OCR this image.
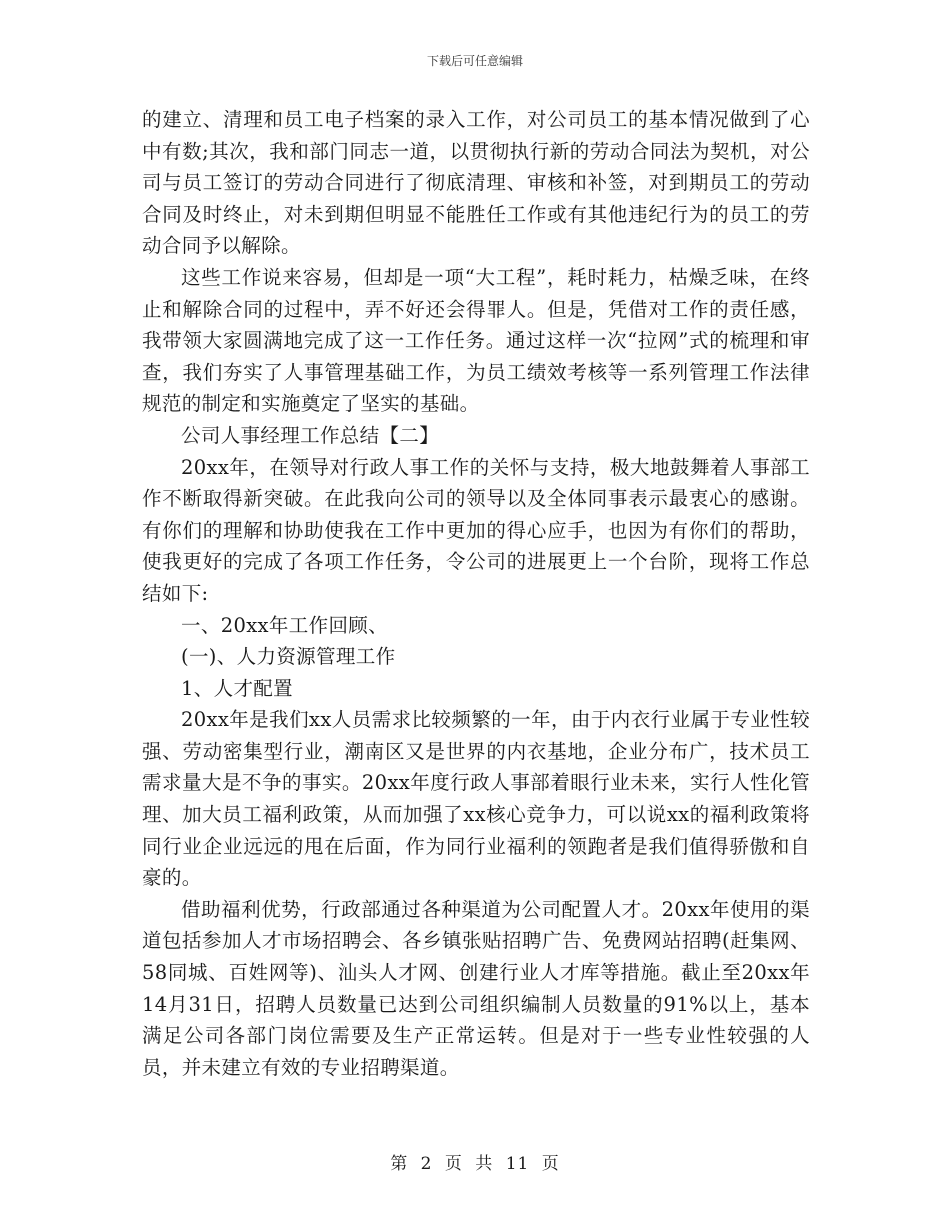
下载后可任意编辑

的建立、清理和员工电子档案的录入工作，对公司员工的基本情况做到了心中有数;其次，我和部门同志一道，以贯彻执行新的劳动合同法为契机，对公司与员工签订的劳动合同进行了彻底清理、审核和补签，对到期员工的劳动合同及时终止，对未到期但明显不能胜任工作或有其他违纪行为的员工的劳动合同予以解除。

这些工作说来容易，但却是一项“大工程”，耗时耗力，枯燥乏味，在终止和解除合同的过程中，弄不好还会得罪人。但是，凭借对工作的责任感，我带领大家圆满地完成了这一工作任务。通过这样一次“拉网”式的梳理和审查，我们夯实了人事管理基础工作，为员工绩效考核等一系列管理工作法律规范的制定和实施奠定了坚实的基础。

公司人事经理工作总结【二】

20xx年，在领导对行政人事工作的关怀与支持，极大地鼓舞着人事部工作不断取得新突破。在此我向公司的领导以及全体同事表示最衷心的感谢。有你们的理解和协助使我在工作中更加的得心应手，也因为有你们的帮助，使我更好的完成了各项工作任务，令公司的进展更上一个台阶，现将工作总结如下:

一、20xx年工作回顾、

(一)、人力资源管理工作

1、人才配置

20xx年是我们xx人员需求比较频繁的一年，由于内衣行业属于专业性较强、劳动密集型行业，潮南区又是世界的内衣基地，企业分布广，技术员工需求量大是不争的事实。20xx年度行政人事部着眼行业未来，实行人性化管理、加大员工福利政策，从而加强了xx核心竞争力，可以说xx的福利政策将同行业企业远远的甩在后面，作为同行业福利的领跑者是我们值得骄傲和自豪的。

借助福利优势，行政部通过各种渠道为公司配置人才。20xx年使用的渠道包括参加人才市场招聘会、各乡镇张贴招聘广告、免费网站招聘(赶集网、58同城、百姓网等)、汕头人才网、创建行业人才库等措施。截止至20xx年14月31日，招聘人员数量已达到公司组织编制人员数量的91%以上，基本满足公司各部门岗位需要及生产正常运转。但是对于一些专业性较强的人员，并未建立有效的专业招聘渠道。

第 2 页 共 11 页
